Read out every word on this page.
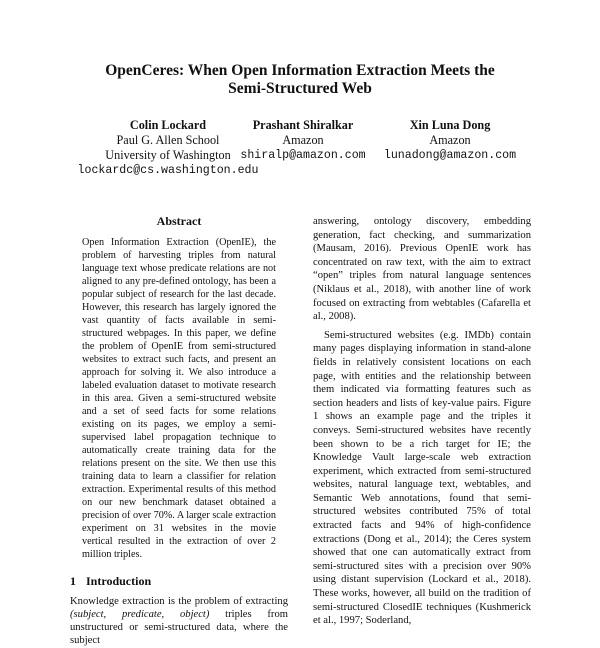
OpenCeres: When Open Information Extraction Meets the
Semi-Structured Web
Colin Lockard
Paul G. Allen School
University of Washington
lockardc@cs.washington.edu
Prashant Shiralkar
Amazon
shiralp@amazon.com
Xin Luna Dong
Amazon
lunadong@amazon.com
Abstract

Open Information Extraction (OpenIE), the problem of harvesting triples from natural language text whose predicate relations are not aligned to any pre-defined ontology, has been a popular subject of research for the last decade. However, this research has largely ignored the vast quantity of facts available in semi-structured webpages. In this paper, we define the problem of OpenIE from semi-structured websites to extract such facts, and present an approach for solving it. We also introduce a labeled evaluation dataset to motivate research in this area. Given a semi-structured website and a set of seed facts for some relations existing on its pages, we employ a semi-supervised label propagation technique to automatically create training data for the relations present on the site. We then use this training data to learn a classifier for relation extraction. Experimental results of this method on our new benchmark dataset obtained a precision of over 70%. A larger scale extraction experiment on 31 websites in the movie vertical resulted in the extraction of over 2 million triples.

1 Introduction

Knowledge extraction is the problem of extracting (subject, predicate, object) triples from unstructured or semi-structured data, where the subject

answering, ontology discovery, embedding generation, fact checking, and summarization (Mausam, 2016). Previous OpenIE work has concentrated on raw text, with the aim to extract “open” triples from natural language sentences (Niklaus et al., 2018), with another line of work focused on extracting from webtables (Cafarella et al., 2008).

Semi-structured websites (e.g. IMDb) contain many pages displaying information in stand-alone fields in relatively consistent locations on each page, with entities and the relationship between them indicated via formatting features such as section headers and lists of key-value pairs. Figure 1 shows an example page and the triples it conveys. Semi-structured websites have recently been shown to be a rich target for IE; the Knowledge Vault large-scale web extraction experiment, which extracted from semi-structured websites, natural language text, webtables, and Semantic Web annotations, found that semi-structured websites contributed 75% of total extracted facts and 94% of high-confidence extractions (Dong et al., 2014); the Ceres system showed that one can automatically extract from semi-structured sites with a precision over 90% using distant supervision (Lockard et al., 2018). These works, however, all build on the tradition of semi-structured ClosedIE techniques (Kushmerick et al., 1997; Soderland,
